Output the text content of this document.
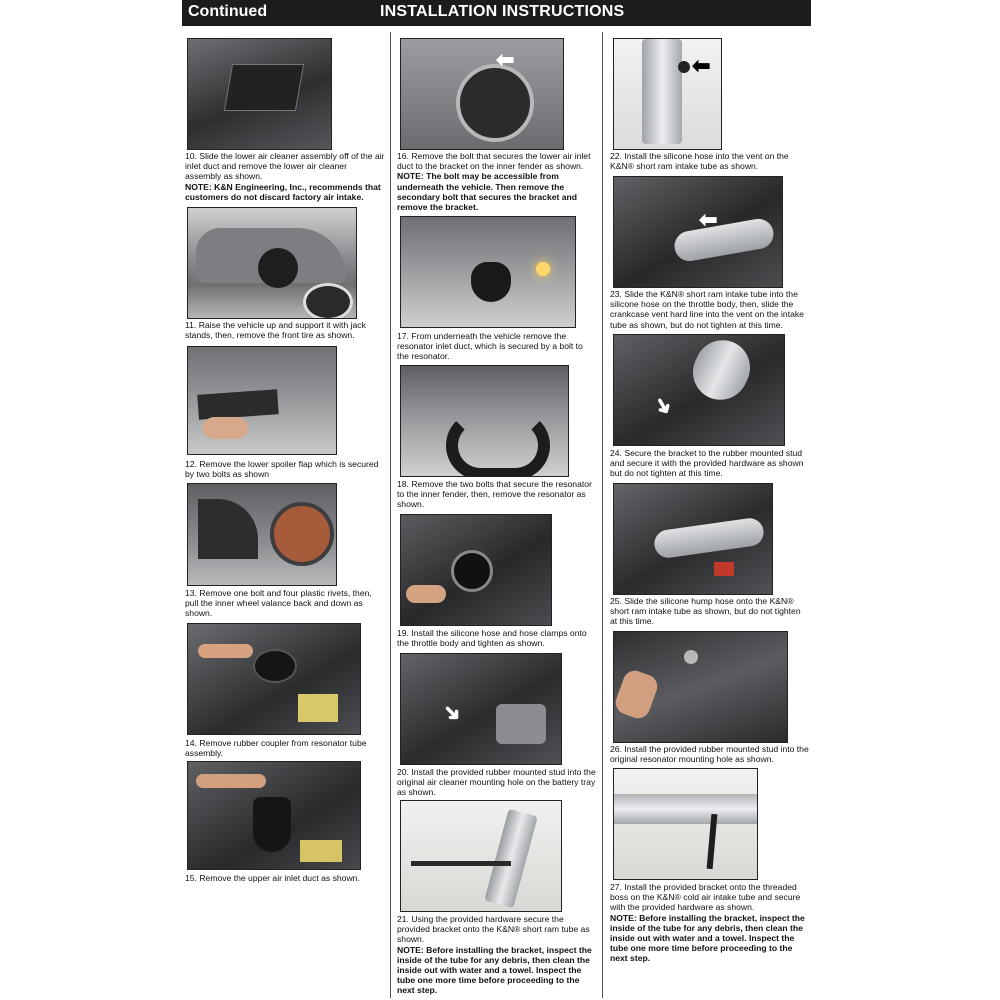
Continued	INSTALLATION INSTRUCTIONS
10. Slide the lower air cleaner assembly off of the air inlet duct and remove the lower air cleaner assembly as shown.
NOTE: K&N Engineering, Inc., recommends that customers do not discard factory air intake.
11. Raise the vehicle up and support it with jack stands, then, remove the front tire as shown.
12. Remove the lower spoiler flap which is secured by two bolts as shown
13. Remove one bolt and four plastic rivets, then, pull the inner wheel valance back and down as shown.
14. Remove rubber coupler from resonator tube assembly.
15. Remove the upper air inlet duct as shown.
⬅
16. Remove the bolt that secures the lower air inlet duct to the bracket on the inner fender as shown.
NOTE: The bolt may be accessible from underneath the vehicle. Then remove the secondary bolt that secures the bracket and remove the bracket.
17. From underneath the vehicle remove the resonator inlet duct, which is secured by a bolt to the resonator.
18. Remove the two bolts that secure the resonator to the inner fender, then, remove the resonator as shown.
19. Install the silicone hose and hose clamps onto the throttle body and tighten as shown.
➜
20. Install the provided rubber mounted stud into the original air cleaner mounting hole on the battery tray as shown.
21. Using the provided hardware secure the provided bracket onto the K&N® short ram tube as shown.
NOTE: Before installing the bracket, inspect the inside of the tube for any debris, then clean the inside out with water and a towel. Inspect the tube one more time before proceeding to the next step.
⬅
22. Install the silicone hose into the vent on the K&N® short ram intake tube as shown.
⬅
23. Slide the K&N® short ram intake tube into the silicone hose on the throttle body, then, slide the crankcase vent hard line into the vent on the intake tube as shown, but do not tighten at this time.
➜
24. Secure the bracket to the rubber mounted stud and secure it with the provided hardware as shown but do not tighten at this time.
25. Slide the silicone hump hose onto the K&N® short ram intake tube as shown, but do not tighten at this time.
26. Install the provided rubber mounted stud into the original resonator mounting hole as shown.
27. Install the provided bracket onto the threaded boss on the K&N® cold air intake tube and secure with the provided hardware as shown.
NOTE: Before installing the bracket, inspect the inside of the tube for any debris, then clean the inside out with water and a towel. Inspect the tube one more time before proceeding to the next step.
